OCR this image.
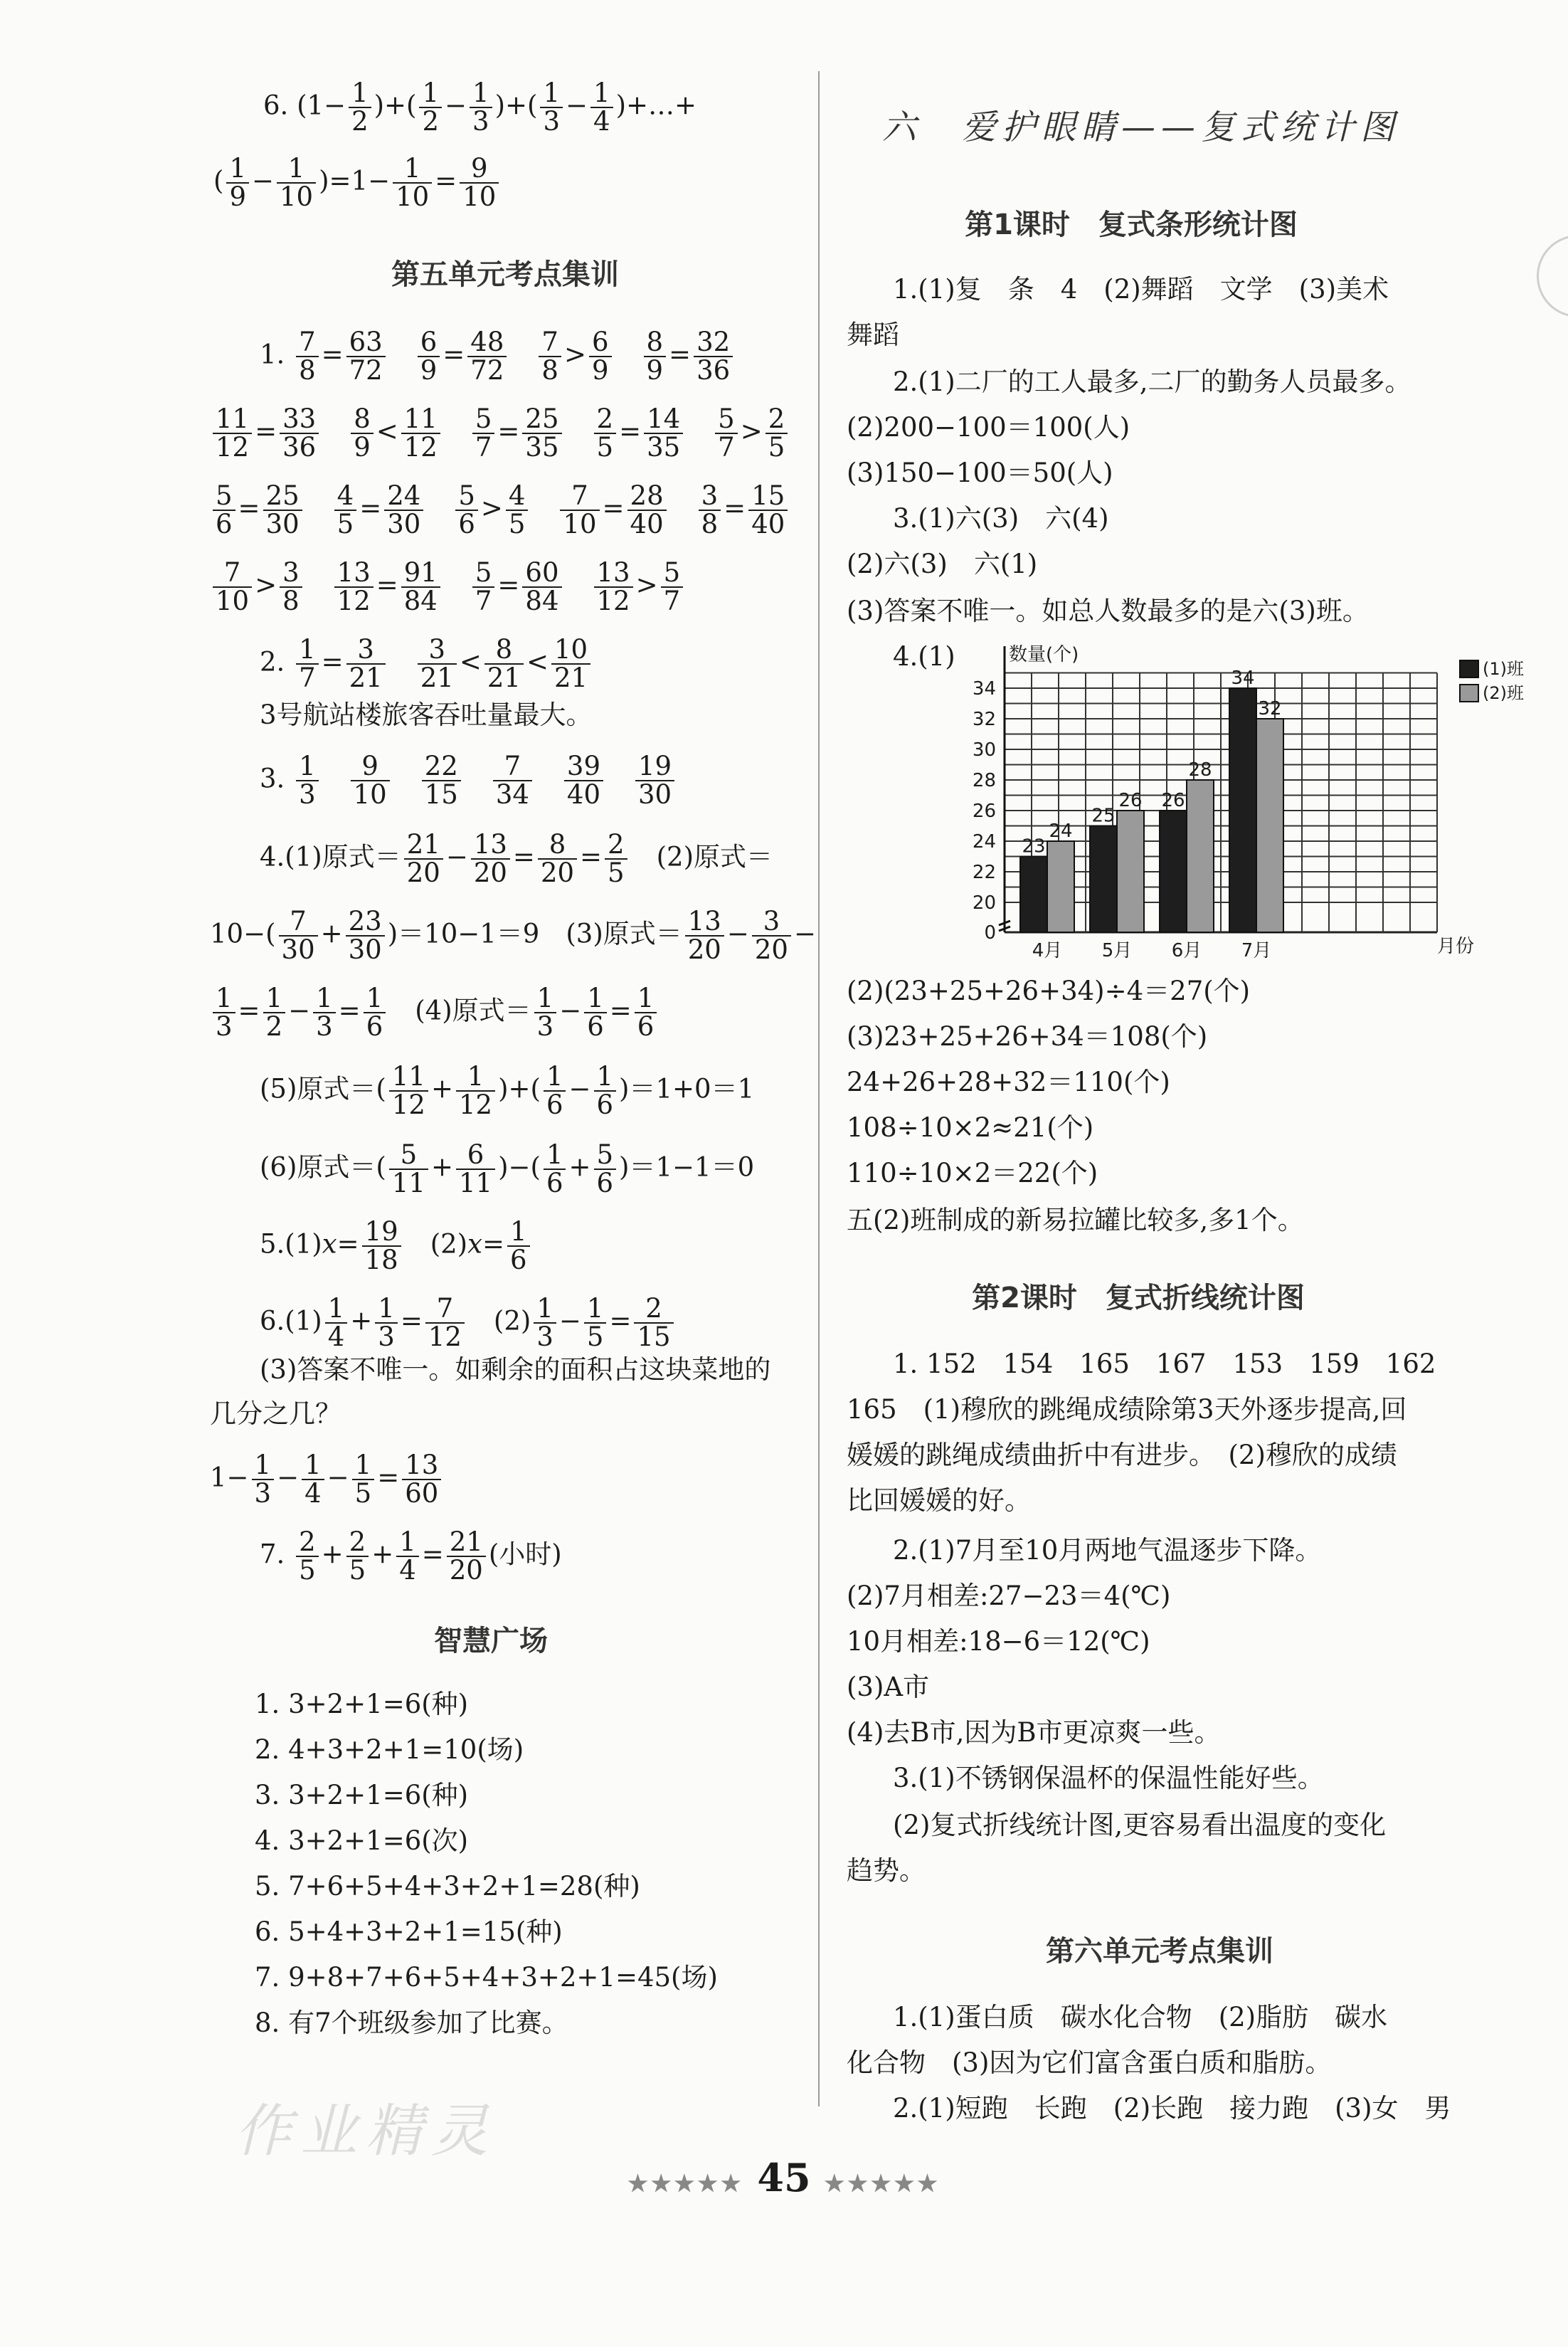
6. ($1- \frac{1}{2}$ )+( $\frac{1}{2} - \frac{1}{3}$ )+( $\frac{1}{3} - \frac{1}{4}$ )+…+
( $\frac{1}{9} - \frac{1}{10} )=1- \frac{1}{10} = \frac{9}{10}$
第五单元考点集训
1. $\frac{7}{8} = \frac{63}{72}$
　 $\frac{6}{9} = \frac{48}{72}$
　 $\frac{7}{8} > \frac{6}{9}$
　 $\frac{8}{9} = \frac{32}{36}$
$\frac{11}{12} = \frac{33}{36}$
　 $\frac{8}{9} < \frac{11}{12}$
　 $\frac{5}{7} = \frac{25}{35}$
　 $\frac{2}{5} = \frac{14}{35}$
　 $\frac{5}{7} > \frac{2}{5}$
$\frac{5}{6} = \frac{25}{30}$
　 $\frac{4}{5} = \frac{24}{30}$
　 $\frac{5}{6} > \frac{4}{5}$
　 $\frac{7}{10} = \frac{28}{40}$
　 $\frac{3}{8} = \frac{15}{40}$
$\frac{7}{10} > \frac{3}{8}$
　 $\frac{13}{12} = \frac{91}{84}$
　 $\frac{5}{7} = \frac{60}{84}$
　 $\frac{13}{12} > \frac{5}{7}$
2. $\frac{1}{7} = \frac{3}{21}$
　 $\frac{3}{21} < \frac{8}{21} < \frac{10}{21}$
3号航站楼旅客吞吐量最大。
3. $\frac{1}{3}$
　 $\frac{9}{10}$
　 $\frac{22}{15}$
　 $\frac{7}{34}$
　 $\frac{39}{40}$
　 $\frac{19}{30}$
4.(1)原式＝ $\frac{21}{20} - \frac{13}{20} = \frac{8}{20} = \frac{2}{5}$
　 (2)原式＝
$10-( \frac{7}{30} + \frac{23}{30} )=10-1=9$　 (3)原式＝ $\frac{13}{20} - \frac{3}{20}$ −
$\frac{1}{3} = \frac{1}{2} - \frac{1}{3} = \frac{1}{6}$
　 (4)原式＝ $\frac{1}{3} - \frac{1}{6} = \frac{1}{6}$
(5)原式＝( $\frac{11}{12} + \frac{1}{12}$ )+( $\frac{1}{6} - \frac{1}{6} )=1+0=1$
(6)原式＝( $\frac{5}{11} + \frac{6}{11}$ )−( $\frac{1}{6} + \frac{5}{6} )=1-1=0$
$5.(1)x= \frac{19}{18}$ 　$(2)x= \frac{1}{6}$
$6.(1) \frac{1}{4} + \frac{1}{3} = \frac{7}{12}$ 　$(2) \frac{1}{3} - \frac{1}{5} = \frac{2}{15}$
(3)答案不唯一。如剩余的面积占这块菜地的
几分之几？
$1- \frac{1}{3} - \frac{1}{4} - \frac{1}{5} = \frac{13}{60}$
7. $\frac{2}{5} + \frac{2}{5} + \frac{1}{4} = \frac{21}{20}$ (小时)
智慧广场
1. 3+2+1=6(种)
2. 4+3+2+1=10(场)
3. 3+2+1=6(种)
4. 3+2+1=6(次)
5. 7+6+5+4+3+2+1=28(种)
6. 5+4+3+2+1=15(种)
7. 9+8+7+6+5+4+3+2+1=45(场)
8. 有7个班级参加了比赛。
作业精灵
六　爱护眼睛——复式统计图
第1课时　复式条形统计图
1.(1)复　条　4　(2)舞蹈　文学　(3)美术
舞蹈
2.(1)二厂的工人最多,二厂的勤务人员最多。
(2)200−100＝100(人)
(3)150−100＝50(人)
3.(1)六(3)　六(4)
(2)六(3)　六(1)
(3)答案不唯一。如总人数最多的是六(3)班。
4.(1)
0
20
22
24
26
28
30
32
34
23
24
4月
25
26
5月
26
28
6月
34
32
7月
数量(个)
月份
(1)班
(2)班
(2)(23+25+26+34)÷4＝27(个)
(3)23+25+26+34＝108(个)
24+26+28+32＝110(个)
108÷10×2≈21(个)
110÷10×2＝22(个)
五(2)班制成的新易拉罐比较多,多1个。
第2课时　复式折线统计图
1. 152　154　165　167　153　159　162
165　(1)穆欣的跳绳成绩除第3天外逐步提高,回
媛媛的跳绳成绩曲折中有进步。　(2)穆欣的成绩
比回媛媛的好。
2.(1)7月至10月两地气温逐步下降。
(2)7月相差:27−23＝4(℃)
10月相差:18−6＝12(℃)
(3)A市
(4)去B市,因为B市更凉爽一些。
3.(1)不锈钢保温杯的保温性能好些。
(2)复式折线统计图,更容易看出温度的变化
趋势。
第六单元考点集训
1.(1)蛋白质　碳水化合物　(2)脂肪　碳水
化合物　(3)因为它们富含蛋白质和脂肪。
2.(1)短跑　长跑　(2)长跑　接力跑　(3)女　男
★★★★★ 45 ★★★★★
